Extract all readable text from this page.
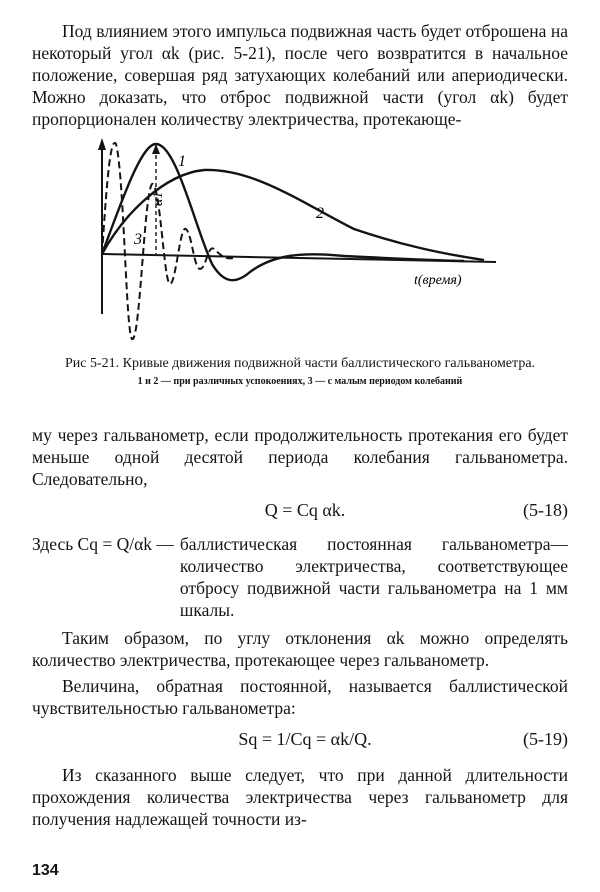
Под влиянием этого импульса подвижная часть будет отброшена на некоторый угол αk (рис. 5-21), после чего возвратится в начальное положение, совершая ряд затухающих колебаний или апериодически. Можно доказать, что отброс подвижной части (угол αk) будет пропорционален количеству электричества, протекающе-

1
2
3
α1
t(время)

Рис 5-21. Кривые движения подвижной части баллистического гальванометра.

1 и 2 — при различных успокоениях, 3 — с малым периодом колебаний

му через гальванометр, если продолжительность протекания его будет меньше одной десятой периода колебания гальванометра. Следовательно,

Q = Cq αk.	(5-18)
Здесь Cq = Q/αk — баллистическая постоянная гальванометра—количество электричества, соответствующее отбросу подвижной части гальванометра на 1 мм шкалы.

Таким образом, по углу отклонения αk можно определять количество электричества, протекающее через гальванометр.

Величина, обратная постоянной, называется баллистической чувствительностью гальванометра:

Sq = 1/Cq = αk/Q.	(5-19)

Из сказанного выше следует, что при данной длительности прохождения количества электричества через гальванометр для получения надлежащей точности из-

134
